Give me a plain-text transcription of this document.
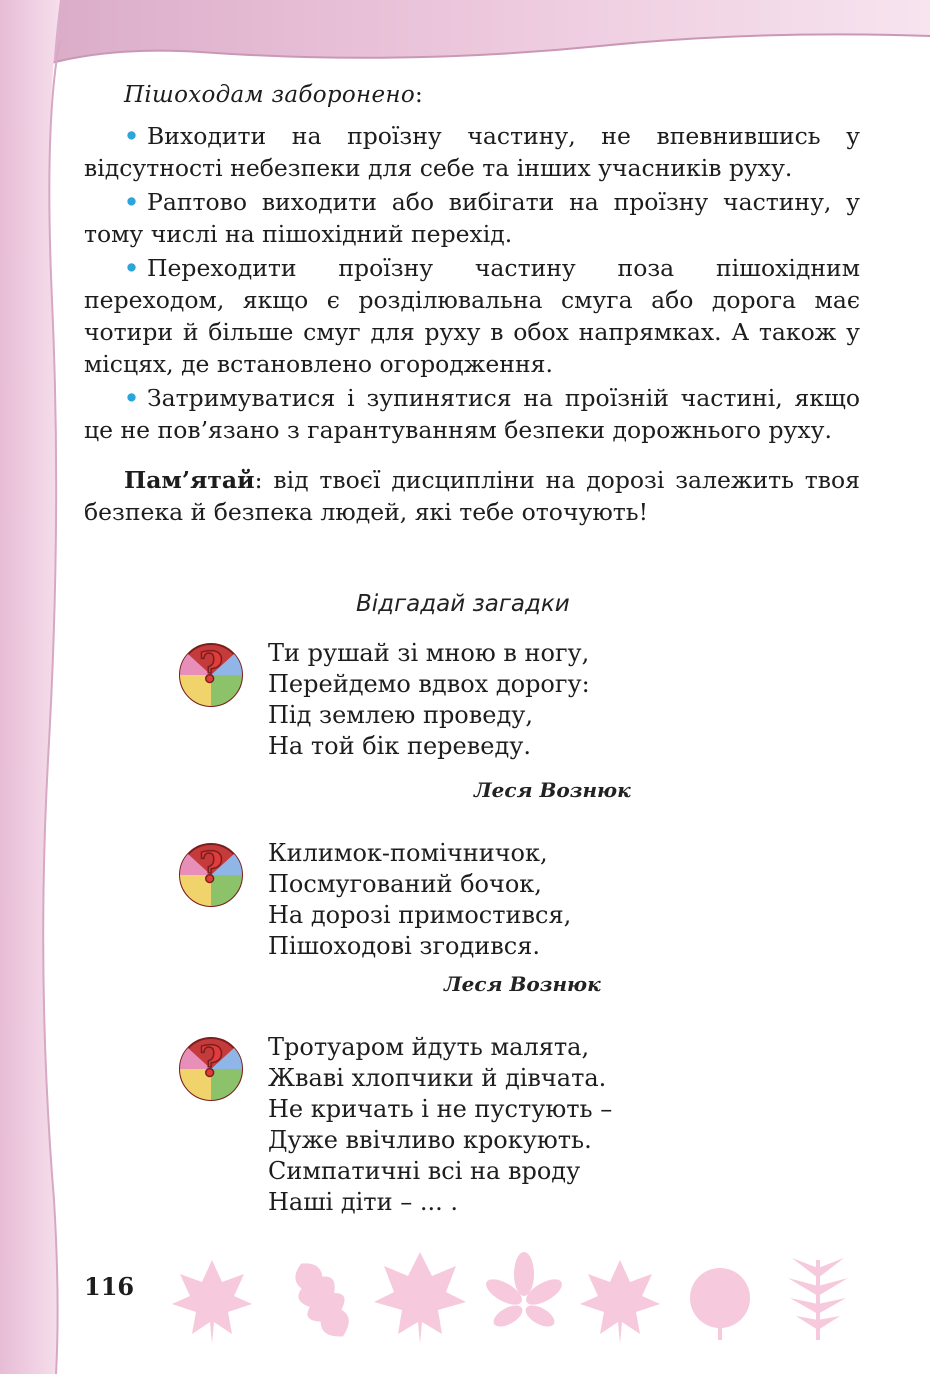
Пішоходам заборонено:

• Виходити на проїзну частину, не впевнившись у відсутності небезпеки для себе та інших учасників руху.

• Раптово виходити або вибігати на проїзну частину, у тому числі на пішохідний перехід.

• Переходити проїзну частину поза пішохідним переходом, якщо є розділювальна смуга або дорога має чотири й більше смуг для руху в обох напрямках. А також у місцях, де встановлено огородження.

• Затримуватися і зупинятися на проїзній частині, якщо це не пов’язано з гарантуванням безпеки дорожнього руху.

Пам’ятай: від твоєї дисципліни на дорозі залежить твоя безпека й безпека людей, які тебе оточують!

Відгадай загадки
? Ти рушай зі мною в ногу,
Перейдемо вдвох дорогу:
Під землею проведу,
На той бік переведу.
Леся Вознюк
? Килимок-помічничок,
Посмугований бочок,
На дорозі примостився,
Пішоходові згодився.
Леся Вознюк
? Тротуаром йдуть малята,
Жваві хлопчики й дівчата.
Не кричать і не пустують –
Дуже ввічливо крокують.
Симпатичні всі на вроду
Наші діти – ... .
116
